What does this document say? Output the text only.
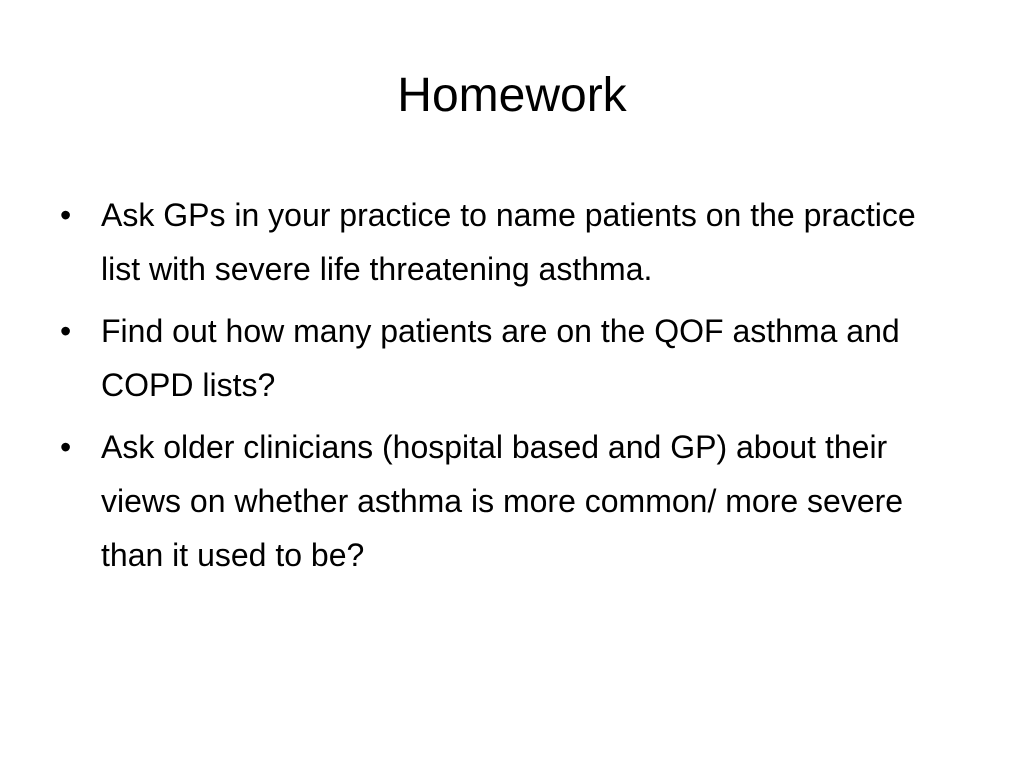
Homework
• Ask GPs in your practice to name patients on the practice list with severe life threatening asthma.
• Find out how many patients are on the QOF asthma and COPD lists?
• Ask older clinicians (hospital based and GP) about their views on whether asthma is more common/ more severe than it used to be?
